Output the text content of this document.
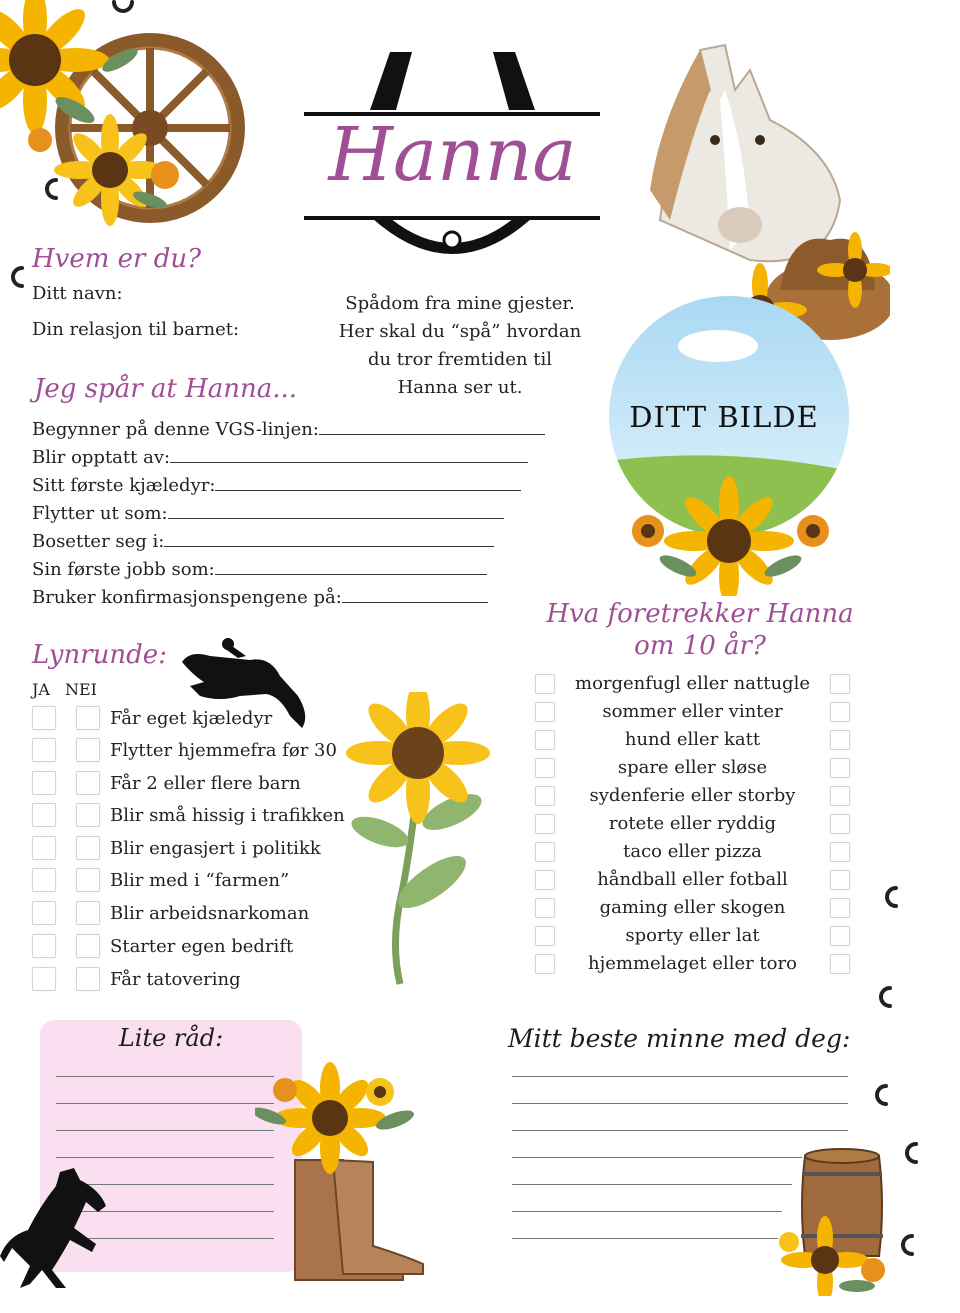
Hanna
Spådom fra mine gjester.
Her skal du “spå” hvordan
du tror fremtiden til
Hanna ser ut.
DITT BILDE
Hvem er du?
Ditt navn:
Din relasjon til barnet:
Jeg spår at Hanna...
Begynner på denne VGS-linjen:
Blir opptatt av:
Sitt første kjæledyr:
Flytter ut som:
Bosetter seg i:
Sin første jobb som:
Bruker konfirmasjonspengene på:
Lynrunde:
JA NEI
Får eget kjæledyr
Flytter hjemmefra før 30
Får 2 eller flere barn
Blir små hissig i trafikken
Blir engasjert i politikk
Blir med i “farmen”
Blir arbeidsnarkoman
Starter egen bedrift
Får tatovering
Hva foretrekker Hanna
om 10 år?
morgenfugl eller nattugle
sommer eller vinter
hund eller katt
spare eller sløse
sydenferie eller storby
rotete eller ryddig
taco eller pizza
håndball eller fotball
gaming eller skogen
sporty eller lat
hjemmelaget eller toro
Lite råd:	Mitt beste minne med deg:
